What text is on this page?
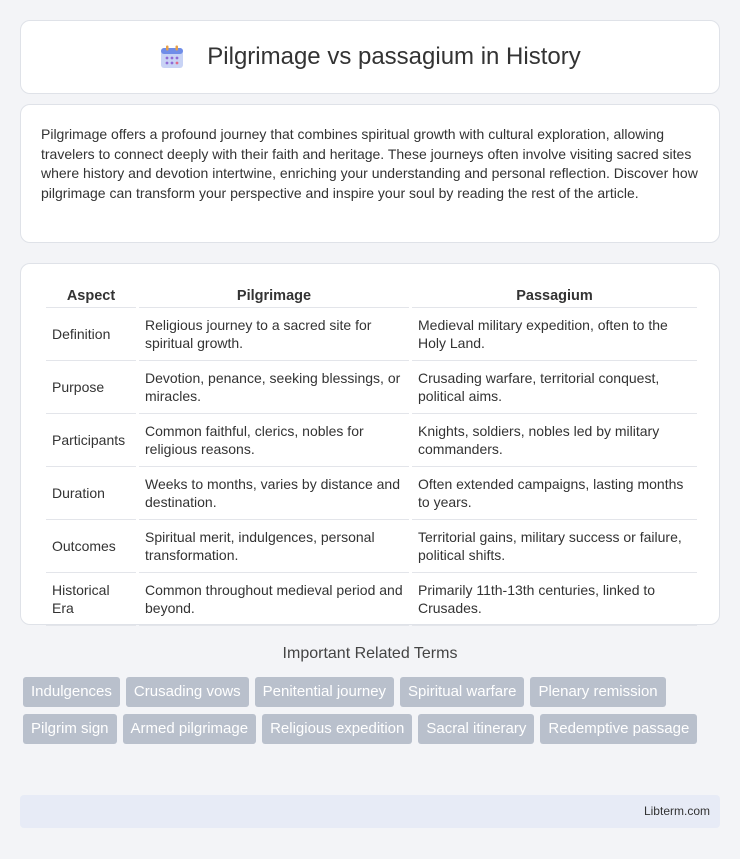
Pilgrimage vs passagium in History

Pilgrimage offers a profound journey that combines spiritual growth with cultural exploration, allowing travelers to connect deeply with their faith and heritage. These journeys often involve visiting sacred sites where history and devotion intertwine, enriching your understanding and personal reflection. Discover how pilgrimage can transform your perspective and inspire your soul by reading the rest of the article.

Aspect	Pilgrimage	Passagium
Definition	Religious journey to a sacred site for spiritual growth.	Medieval military expedition, often to the Holy Land.
Purpose	Devotion, penance, seeking blessings, or miracles.	Crusading warfare, territorial conquest, political aims.
Participants	Common faithful, clerics, nobles for religious reasons.	Knights, soldiers, nobles led by military commanders.
Duration	Weeks to months, varies by distance and destination.	Often extended campaigns, lasting months to years.
Outcomes	Spiritual merit, indulgences, personal transformation.	Territorial gains, military success or failure, political shifts.
Historical Era	Common throughout medieval period and beyond.	Primarily 11th-13th centuries, linked to Crusades.
Important Related Terms
Indulgences	Crusading vows	Penitential journey	Spiritual warfare	Plenary remission
Pilgrim sign	Armed pilgrimage	Religious expedition	Sacral itinerary	Redemptive passage
Libterm.com
